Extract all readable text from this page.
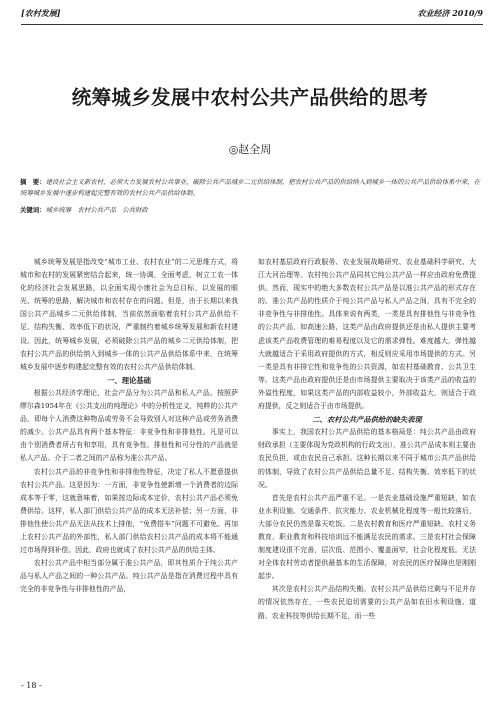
[农村发展]	农业经济 2010/9
统筹城乡发展中农村公共产品供给的思考
◎赵全周
摘　要：建设社会主义新农村，必须大力发展农村公共事业，破除公共产品城乡二元供给体制，把农村公共产品的供给纳入到城乡一体的公共产品供给体系中来，在统筹城乡发展中逐步构建起完整有效的农村公共产品供给体制。
关键词：城乡统筹　农村公共产品　公共财政

城乡统筹发展是指改变“城市工业、农村农业”的二元思维方式，将城市和农村的发展紧密结合起来，统一协调，全面考虑，树立工农一体化的经济社会发展思路，以全面实现小康社会为总目标，以发展的眼光、统筹的思路，解决城市和农村存在的问题。但是，由于长期以来我国公共产品城乡二元供给体制，当前依然面临着农村公共产品供给不足、结构失衡、效率低下的状况，严重制约着城乡统筹发展和新农村建设。因此，统筹城乡发展，必须破除公共产品的城乡二元供给体制，把农村公共产品的供给纳入到城乡一体的公共产品供给体系中来，在统筹城乡发展中逐步构建起完整有效的农村公共产品供给体制。

一、理论基础

根据公共经济学理论，社会产品分为公共产品和私人产品。按照萨缪尔森1954年在《公共支出的纯理论》中的分析性定义，纯粹的公共产品，即每个人消费这种物品或劳务不会导致别人对这种产品或劳务消费的减少。公共产品具有两个基本特征：非竞争性和非排他性。凡是可以由个别消费者所占有和享用，具有竞争性、排他性和可分性的产品就是私人产品。介于二者之间的产品称为准公共产品。

农村公共产品的非竞争性和非排他性特征，决定了私人不愿意提供农村公共产品。这是因为：一方面，非竞争性使新增一个消费者的边际成本等于零，这就意味着，如果按边际成本定价，农村公共产品必须免费供给。这样，私人部门供给公共产品的成本无法补偿；另一方面，非排他性使公共产品无法从技术上排他，“免费搭车”问题不可避免。再加上农村公共产品的外部性，私人部门供给农村公共产品的成本将不能通过市场得到补偿。因此，政府也就成了农村公共产品的供给主体。

农村公共产品中相当部分属于准公共产品，即其性质介于纯公共产品与私人产品之间的一种公共产品。纯公共产品是指在消费过程中具有完全的非竞争性与非排他性的产品，

如农村基层政府行政服务、农业发展战略研究、农业基础科学研究、大江大河治理等。农村纯公共产品同其它纯公共产品一样应由政府免费提供。然而，现实中的绝大多数农村公共产品是以准公共产品的形式存在的。准公共产品的性质介于纯公共产品与私人产品之间，具有不完全的非竞争性与非排他性。具体来说有两类，一类是具有排他性与非竞争性的公共产品，如高速公路，这类产品由政府提供还是由私人提供主要考虑该类产品收费管理的难易程度以及它的需求弹性。难度越大，弹性越大就越适合于采用政府提供的方式，相反则应采用市场提供的方式。另一类是具有非排它性和竞争性的公共资源，如农村基础教育、公共卫生等。这类产品由政府提供还是由市场提供主要取决于该类产品的收益的外溢性程度，如果这类产品的内部收益较小，外部收益大，则适合于政府提供，反之则适合于由市场提供。

二、农村公共产品供给的缺失表现

事实上，我国农村公共产品供给的基本格局是：纯公共产品由政府财政承担（主要体现为党政机构的行政支出），准公共产品成本则主要由农民负担，或由农民自己承担。这种长期以来不同于城市公共产品供给的体制，导致了农村公共产品供给总量不足、结构失衡、效率低下的状况。

首先是农村公共产品严重不足。一是农业基础设施严重短缺，如农业水利设施、交通条件、抗灾能力、农业机械化程度等一般比较落后，大部分农民仍然是靠天吃饭。二是农村教育和医疗严重短缺。农村义务教育、职业教育和科技培训远不能满足农民的需求。三是农村社会保障制度建设很不完善，层次低、范围小、覆盖面窄，社会化程度低。无法对全体农村劳动者提供最基本的生活保障，对农民的医疗保障也是刚刚起步。

其次是农村公共产品结构失衡。农村公共产品供给过剩与不足并存的情况依然存在，一些农民迫切需要的公共产品如农田水利设施、道路、农业科技等供给长期不足，而一些

- 18 -
